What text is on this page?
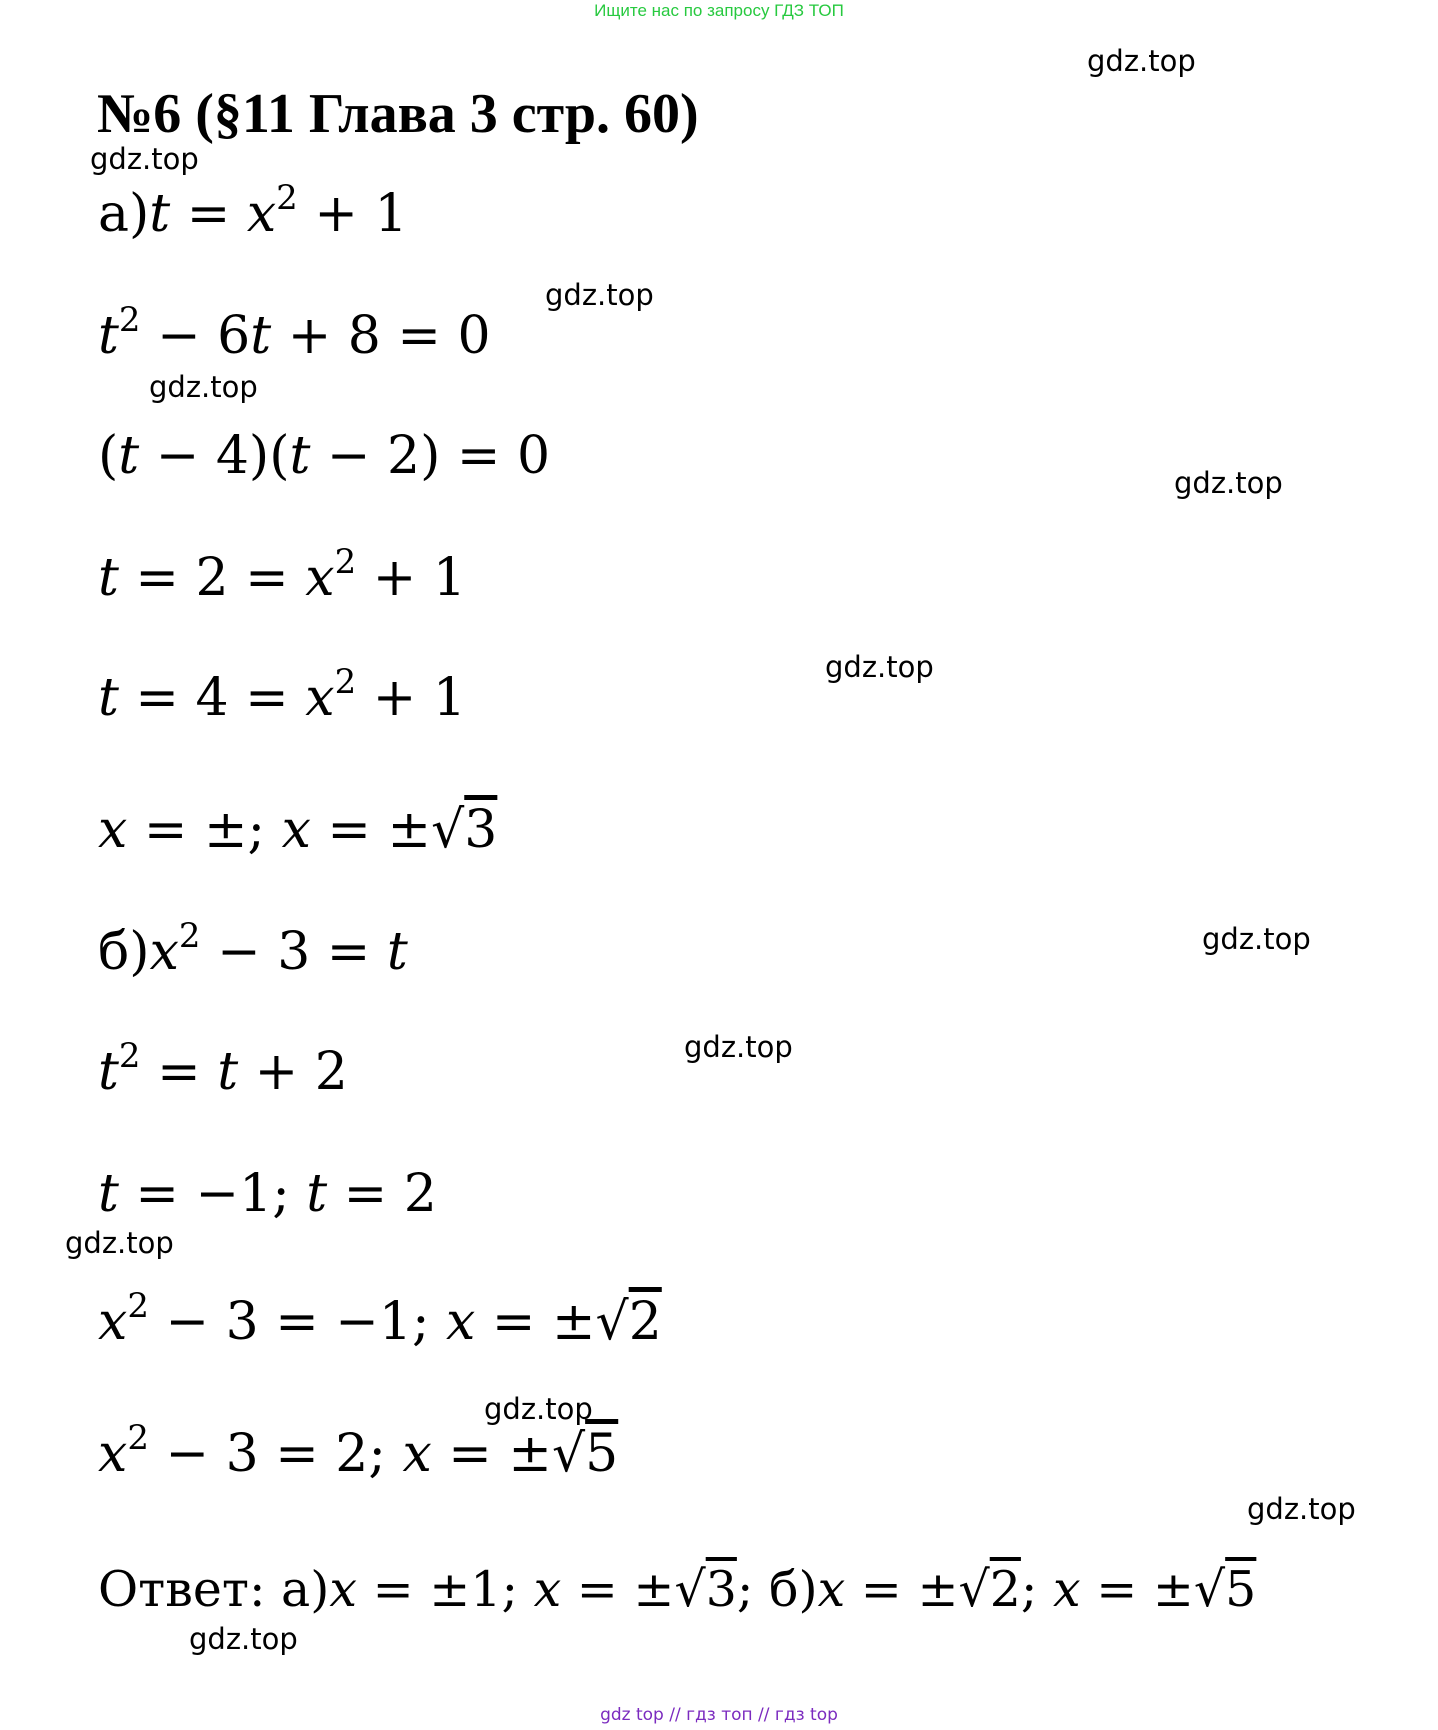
Ищите нас по запросу ГДЗ ТОП
№6 (§11 Глава 3 стр. 60)
gdz.top
gdz.top
gdz.top
gdz.top
gdz.top
gdz.top
gdz.top
gdz.top
gdz.top
gdz.top
gdz.top
gdz.top
$а)t = x^2 + 1$
$t^2 - 6t + 8 = 0$
(t − 4)(t − 2) = 0
$t = 2 = x^2 + 1$
$t = 4 = x^2 + 1$
x = ±; x = ±√3
$б)x^2 - 3 = t$
$t^2 = t + 2$
t = −1; t = 2
$x^2 - 3 = -1$; x = ±√2
$x^2 - 3 = 2$; x = ±√5
Ответ: а)x = ±1; x = ±√3; б)x = ±√2; x = ±√5
gdz top // гдз топ // гдз top
